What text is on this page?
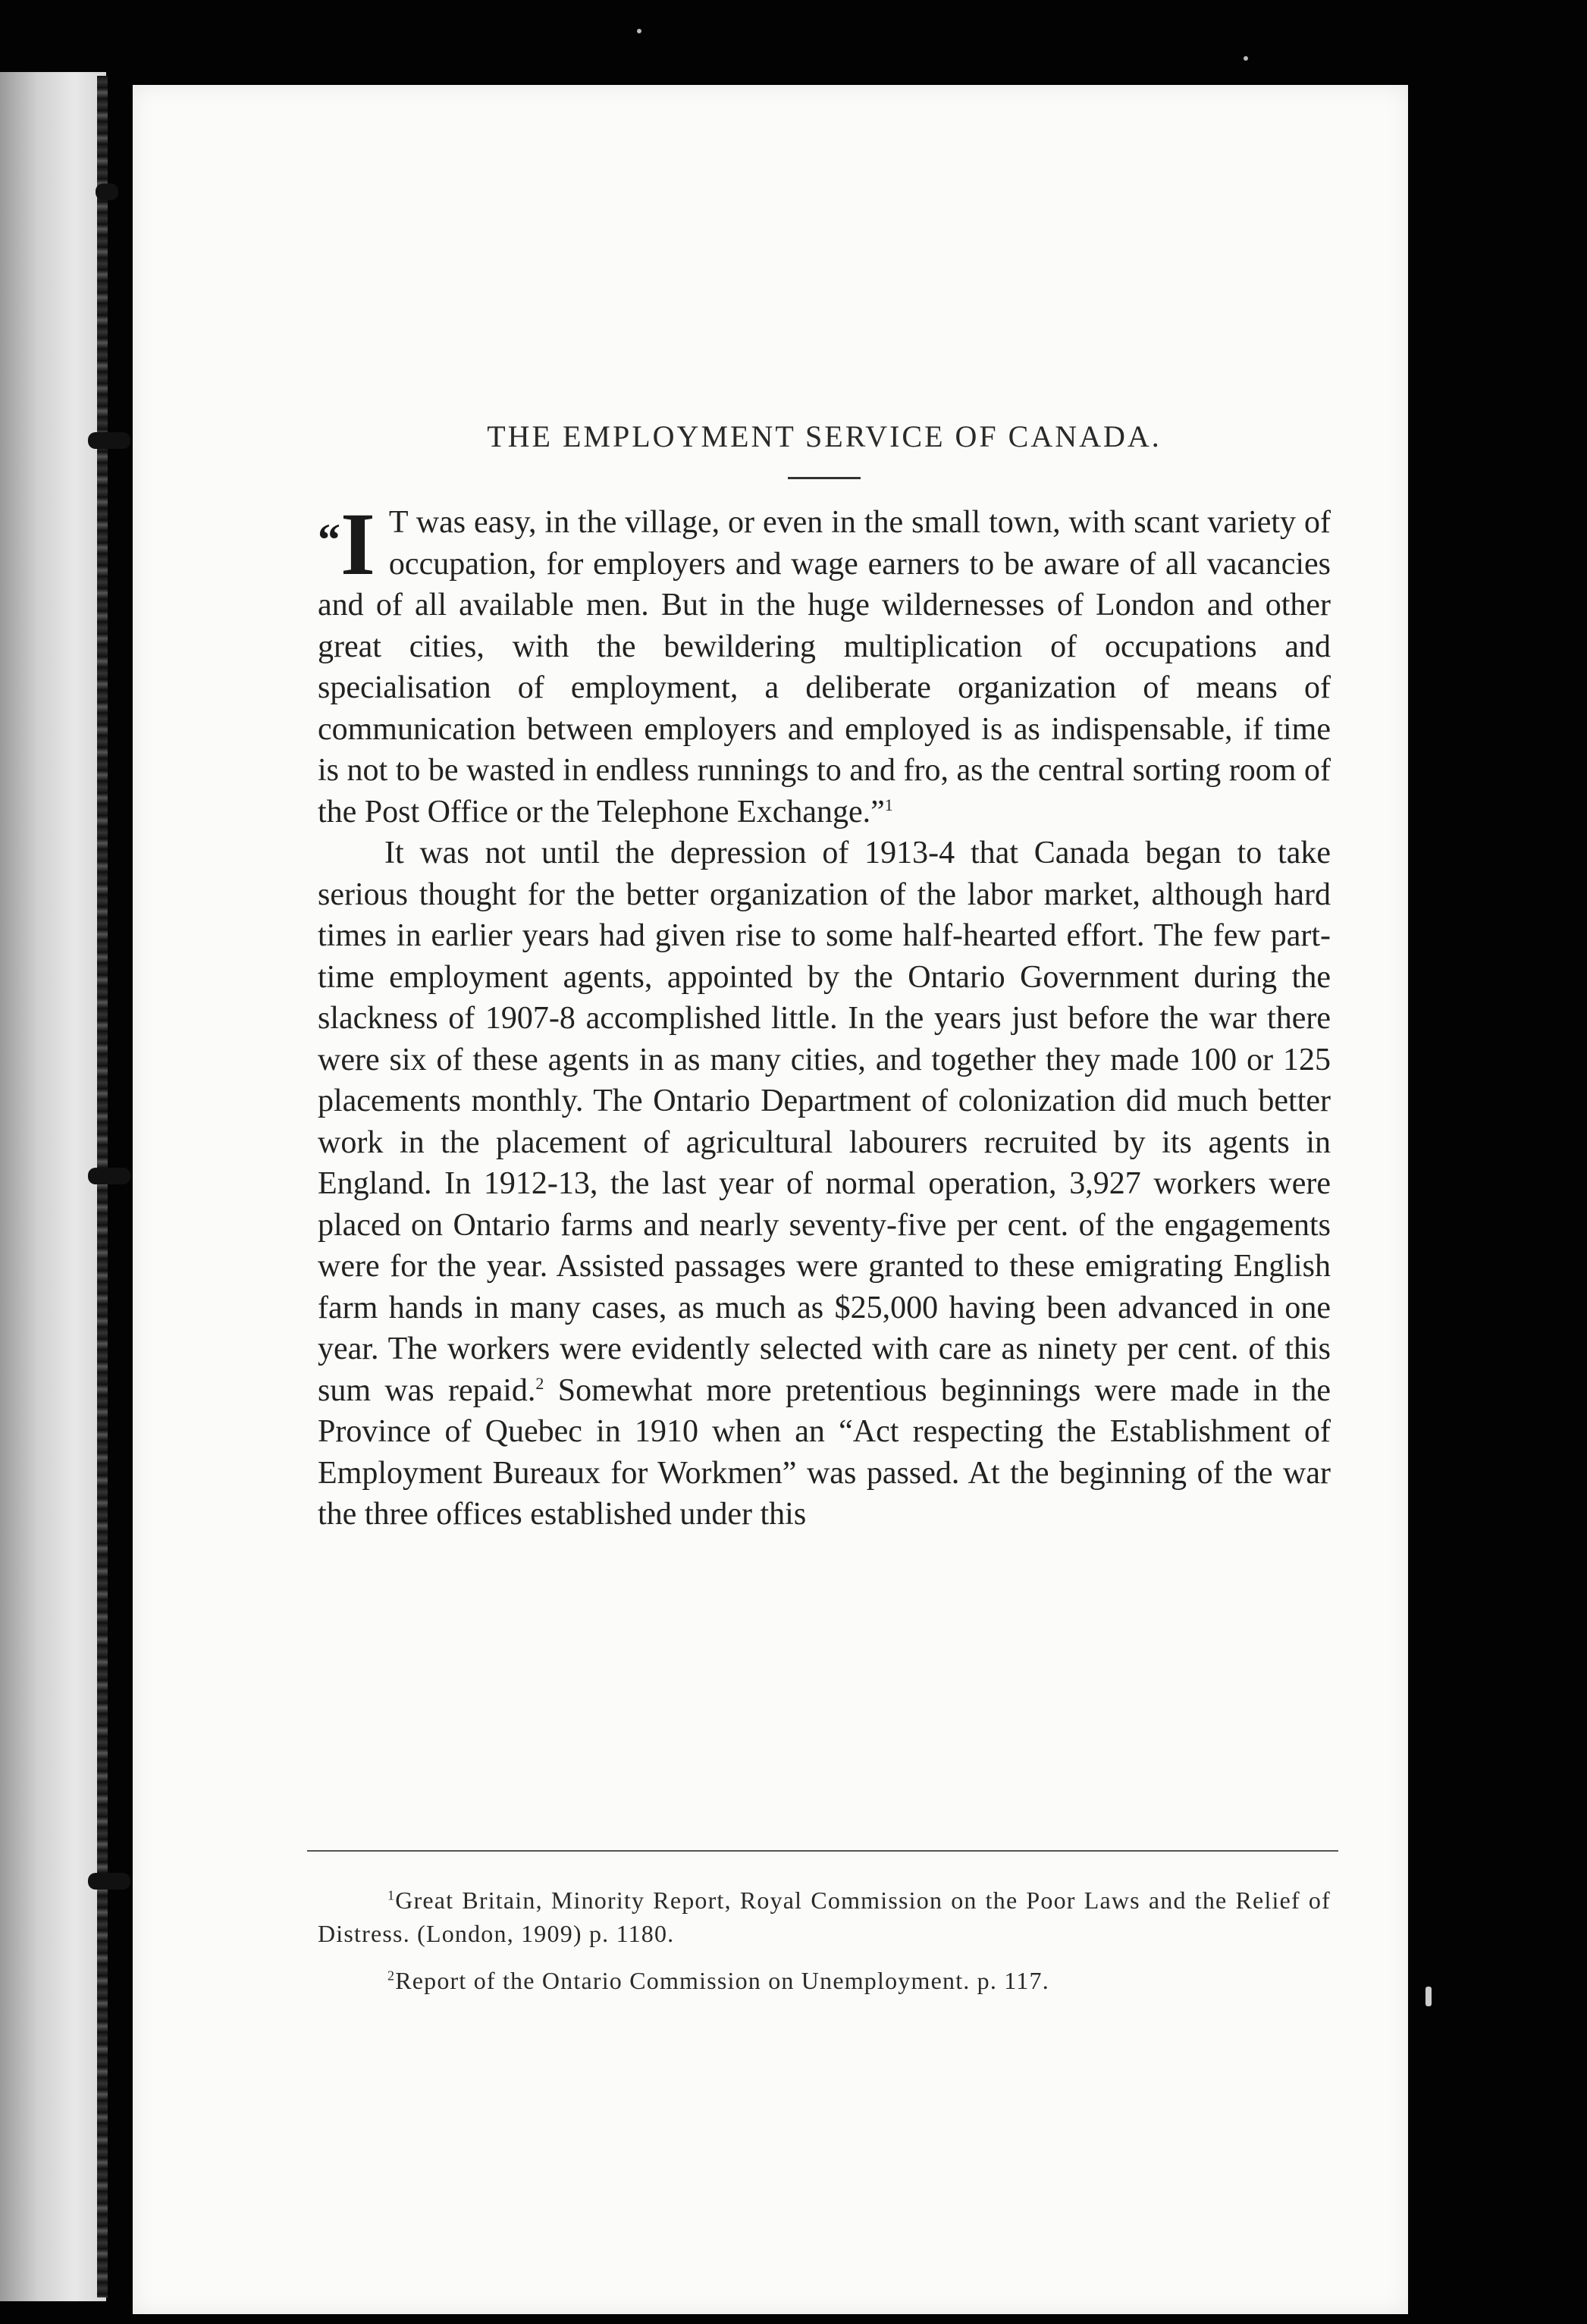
THE EMPLOYMENT SERVICE OF CANADA.

“ I T was easy, in the village, or even in the small town, with scant variety of occupation, for employers and wage earners to be aware of all vacancies and of all available men. But in the huge wildernesses of London and other great cities, with the bewildering multiplication of occupations and specialisation of employment, a deliberate organization of means of communication between employers and employed is as indispensable, if time is not to be wasted in endless runnings to and fro, as the central sorting room of the Post Office or the Telephone Exchange.”$^1$

It was not until the depression of 1913-4 that Canada began to take serious thought for the better organization of the labor market, although hard times in earlier years had given rise to some half-hearted effort. The few part-time employment agents, appointed by the Ontario Government during the slackness of 1907-8 accomplished little. In the years just before the war there were six of these agents in as many cities, and together they made 100 or 125 placements monthly. The Ontario Department of colonization did much better work in the placement of agricultural labourers recruited by its agents in England. In 1912-13, the last year of normal operation, 3,927 workers were placed on Ontario farms and nearly seventy-five per cent. of the engagements were for the year. Assisted passages were granted to these emigrating English farm hands in many cases, as much as $25,000 having been advanced in one year. The workers were evidently selected with care as ninety per cent. of this sum was repaid.$^2$ Somewhat more pretentious beginnings were made in the Province of Quebec in 1910 when an “Act respecting the Establishment of Employment Bureaux for Workmen” was passed. At the beginning of the war the three offices established under this

$^1$Great Britain, Minority Report, Royal Commission on the Poor Laws and the Relief of Distress. (London, 1909) p. 1180.

$^2$Report of the Ontario Commission on Unemployment. p. 117.
